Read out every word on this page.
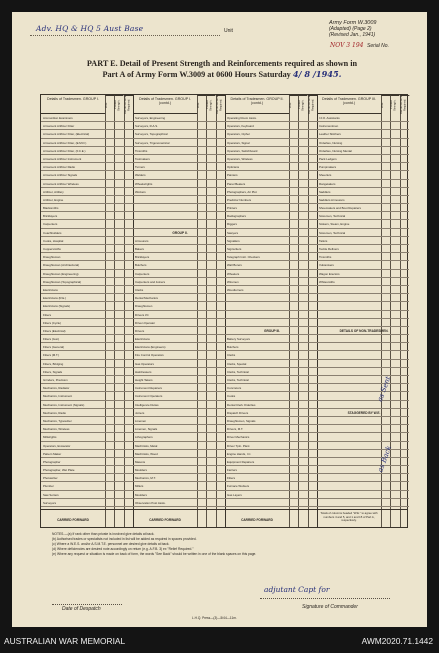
Adv. HQ & HQ 5 Aust Base	Unit
Army Form W.3009
(Adapted) (Page 2)
(Revised Jan., 1941)
NOV 3 194 Serial No.
PART E. Detail of Present Strength and Reinforcements required as shown in
Part A of Army Form W.3009 at 0600 Hours Saturday 4/ 8 /1945.
Details of Tradesmen. GROUP I.
W.E.	Posted Strength. Reinforcements Required.
Ammunition Examiners
Armament Artificer Fitter
Armament Artificer Fitter, (Electrical)
Armament Artificer Fitter, (E.M.D.)
Armament Artificer Fitter, (F.C.E.)
Armament Artificer Instrument
Armament Artificer Radio
Armament Artificer Signals
Armament Artificer Wireless
Artificer, Artillery
Artificer, Engine
Blacksmiths
Bricklayers
Carpenters
Coachbuilders
Cooks, Hospital
Coppersmiths
Draughtsman
Draughtsman (Architectural)
Draughtsman (Engineering)
Draughtsman (Topographical)
Electricians
Electricians (R.E.)
Electricians (Signals)
Fitters
Fitters (Cycle)
Fitters (Electrical)
Fitters (Gun)
Fitters (General)
Fitters (M.T.)
Fitters, Bridging
Fitters, Signals
Grinders, Precision
Mechanics, Radiator
Mechanics, Instrument
Mechanics, Instrument (Signals)
Mechanics, Radio
Mechanics, Typewriter
Mechanics, Wireless
Millwrights
Operators, Excavator
Pattern Maker
Photographer
Photographer, Wet Plate
Photowriter
Plumber
Saw Sorters
Surveyors
CARRIED FORWARD
Details of Tradesmen. GROUP I. (contd.)	W.E.	Posted Strength. Reinforcements Required.
Surveyors, Engineering
Surveyors, R.A.S.
Surveyors, Topographical
Surveyors, Trigonometrical
Tinsmiths
Toolmakers
Turners
Welders
Wheelwrights
Workers
GROUP II.
Armourers
Bakers
Bricklayers
Butchers
Carpenters
Carpenters and Joiners
Clerks
Dental Mechanics
Draughtsmen
Drivers I/C
Driver-Operator
Drivers
Electricians
Electricians (Engineers)
Fire Control Operators
Gas Operators
Hairdressers
Height Takers
Instrument Repairers
Instrument Operators
Intelligence Duties
Joiners
Linemen
Linemen, Signals
Lithographers
Machinists, Metal
Machinists, Wood
Masons
Moulders
Mechanics, M.T.
Millers
Moulders
Observation Post Assts.
CARRIED FORWARD
Details of Tradesmen. GROUP II. (contd.)	W.E.	Posted Strength. Reinforcements Required.
Operating Room Assts.
Operators, Keyboard
Operators, Cipher
Operators, Signal
Operators, Switchboard
Operators, Wireless
Opticians
Painters
Panel Beaters
Photographers, Air Plot
Predictor Numbers
Printers
Radiographers
Riggers
Sawyers
Signallers
Signwriters
Telegraph Instr. Checkers
Wall Borers
Wheelers
Wiremen
Woodturners
GROUP III.
Battery Surveyors
Butchers
Clerks
Clerks, Special
Clerks, Technical
Clerks, Technical
Concretors
Cooks
Dental Clerk Orderlies
Dispatch Drivers
Draughtsmen, Signals
Drivers, M.T.
Driver Mechanics
Driver Tptn. Plant
Engine Hands, I.C.
Equipment Repairers
Farriers
Fitters
Furnace Workers
Gas Layers
CARRIED FORWARD
Details of Tradesmen. GROUP III. (contd.)	W.E.	Posted Strength. Reinforcements Required.
I.F.O. Assistants
Instrumentmen
Leather Stitchers
Orderlies, Nursing
Orderlies, Nursing Mental
Pack Ledgers
Pumpmakers
Sheerlers
Rangetakers
Saddlers
Saddlers Armourers
Shoemakers and Boot Repairers
Storemen, Technical
Stokers, Steam, Engine
Storemen, Technical
Tailors
Textile Refiners
Tinsmiths
Vulcanisers
Wagon Erectors
Whitesmiths
DETAILS OF NON-TRADESMEN.
STAGGERED BY W.E.
Totals of columns headed "W.E." to agree with numbers 4 and 5, and 1 and 15 of Part A, respectively.
as Sent
as Back
NOTES.—(a) If rank other than private is involved give details at back.
(b) Authorised trades or specialists not included in list will be added as required in spaces provided.
(c) Where a W.E.S. and/or A.S.M.T.E. personnel are desired give details at back.
(d) Where deficiencies are desired note accordingly on return (e.g. A.F.B. 3) ex "Relief Required."
(e) Where any request or situation is made on back of form, the words "See Back" should be written in one of the blank spaces on this page.
adjutant Capt for
Signature of Commander
Date of Despatch
L.H.Q. Press—(3)—5/44—11m.
AUSTRALIAN WAR MEMORIAL	AWM2020.71.1442
